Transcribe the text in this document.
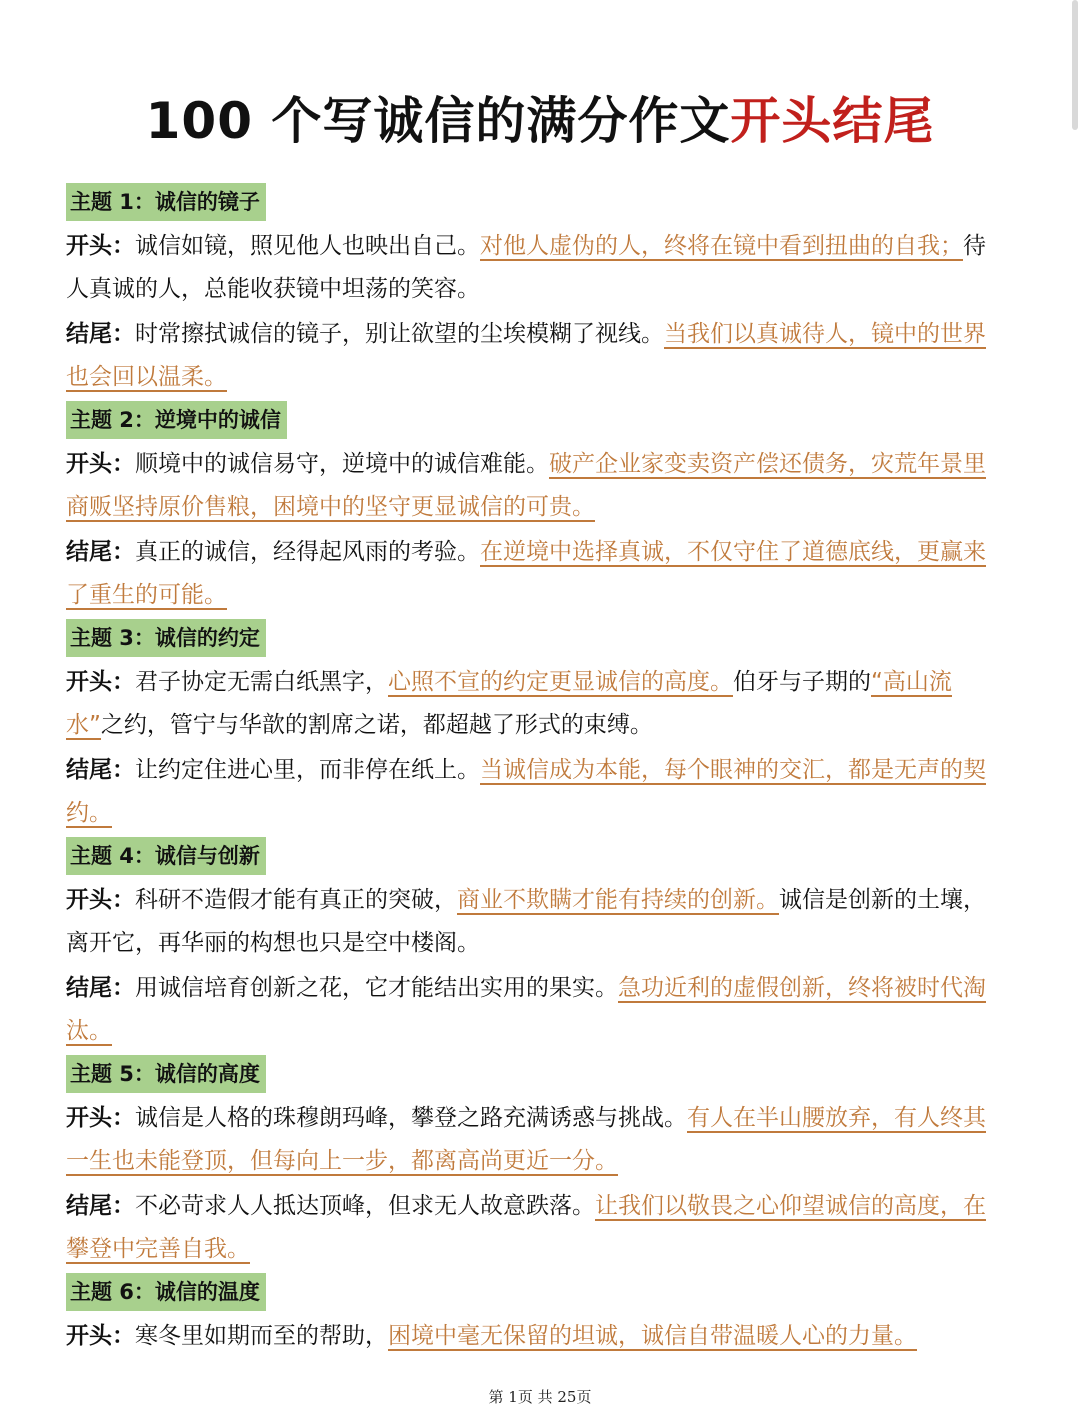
100 个写诚信的满分作文开头结尾
主题 1：诚信的镜子

开头：诚信如镜，照见他人也映出自己。对他人虚伪的人，终将在镜中看到扭曲的自我；待人真诚的人，总能收获镜中坦荡的笑容。

结尾：时常擦拭诚信的镜子，别让欲望的尘埃模糊了视线。当我们以真诚待人，镜中的世界也会回以温柔。

主题 2：逆境中的诚信

开头：顺境中的诚信易守，逆境中的诚信难能。破产企业家变卖资产偿还债务，灾荒年景里商贩坚持原价售粮，困境中的坚守更显诚信的可贵。

结尾：真正的诚信，经得起风雨的考验。在逆境中选择真诚，不仅守住了道德底线，更赢来了重生的可能。

主题 3：诚信的约定

开头：君子协定无需白纸黑字，心照不宣的约定更显诚信的高度。伯牙与子期的“高山流水”之约，管宁与华歆的割席之诺，都超越了形式的束缚。

结尾：让约定住进心里，而非停在纸上。当诚信成为本能，每个眼神的交汇，都是无声的契约。

主题 4：诚信与创新

开头：科研不造假才能有真正的突破，商业不欺瞒才能有持续的创新。诚信是创新的土壤，离开它，再华丽的构想也只是空中楼阁。

结尾：用诚信培育创新之花，它才能结出实用的果实。急功近利的虚假创新，终将被时代淘汰。

主题 5：诚信的高度

开头：诚信是人格的珠穆朗玛峰，攀登之路充满诱惑与挑战。有人在半山腰放弃，有人终其一生也未能登顶，但每向上一步，都离高尚更近一分。

结尾：不必苛求人人抵达顶峰，但求无人故意跌落。让我们以敬畏之心仰望诚信的高度，在攀登中完善自我。

主题 6：诚信的温度

开头：寒冬里如期而至的帮助，困境中毫无保留的坦诚，诚信自带温暖人心的力量。

第 1页 共 25页
